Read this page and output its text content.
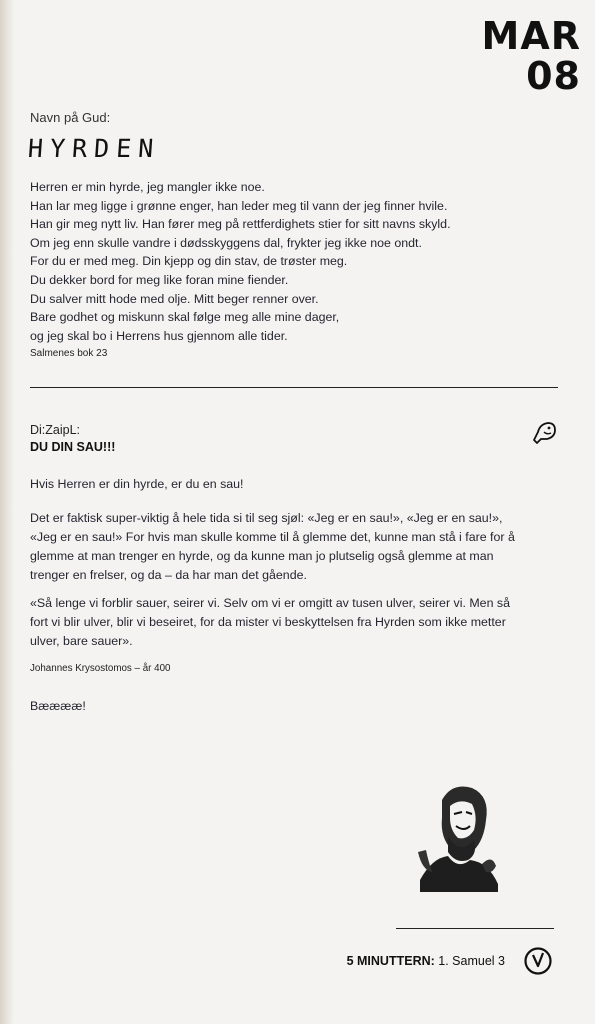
MAR
08
Navn på Gud:
HYRDEN
Herren er min hyrde, jeg mangler ikke noe.
Han lar meg ligge i grønne enger, han leder meg til vann der jeg finner hvile.
Han gir meg nytt liv. Han fører meg på rettferdighets stier for sitt navns skyld.
Om jeg enn skulle vandre i dødsskyggens dal, frykter jeg ikke noe ondt.
For du er med meg. Din kjepp og din stav, de trøster meg.
Du dekker bord for meg like foran mine fiender.
Du salver mitt hode med olje. Mitt beger renner over.
Bare godhet og miskunn skal følge meg alle mine dager,
og jeg skal bo i Herrens hus gjennom alle tider.
Salmenes bok 23
Di:ZaipL:
DU DIN SAU!!!
Hvis Herren er din hyrde, er du en sau!
Det er faktisk super-viktig å hele tida si til seg sjøl: «Jeg er en sau!», «Jeg er en sau!», «Jeg er en sau!» For hvis man skulle komme til å glemme det, kunne man stå i fare for å glemme at man trenger en hyrde, og da kunne man jo plutselig også glemme at man trenger en frelser, og da – da har man det gående.
«Så lenge vi forblir sauer, seirer vi. Selv om vi er omgitt av tusen ulver, seirer vi. Men så fort vi blir ulver, blir vi beseiret, for da mister vi beskyttelsen fra Hyrden som ikke metter ulver, bare sauer».
Johannes Krysostomos – år 400
Bææææ!
5 MINUTTERN: 1. Samuel 3
